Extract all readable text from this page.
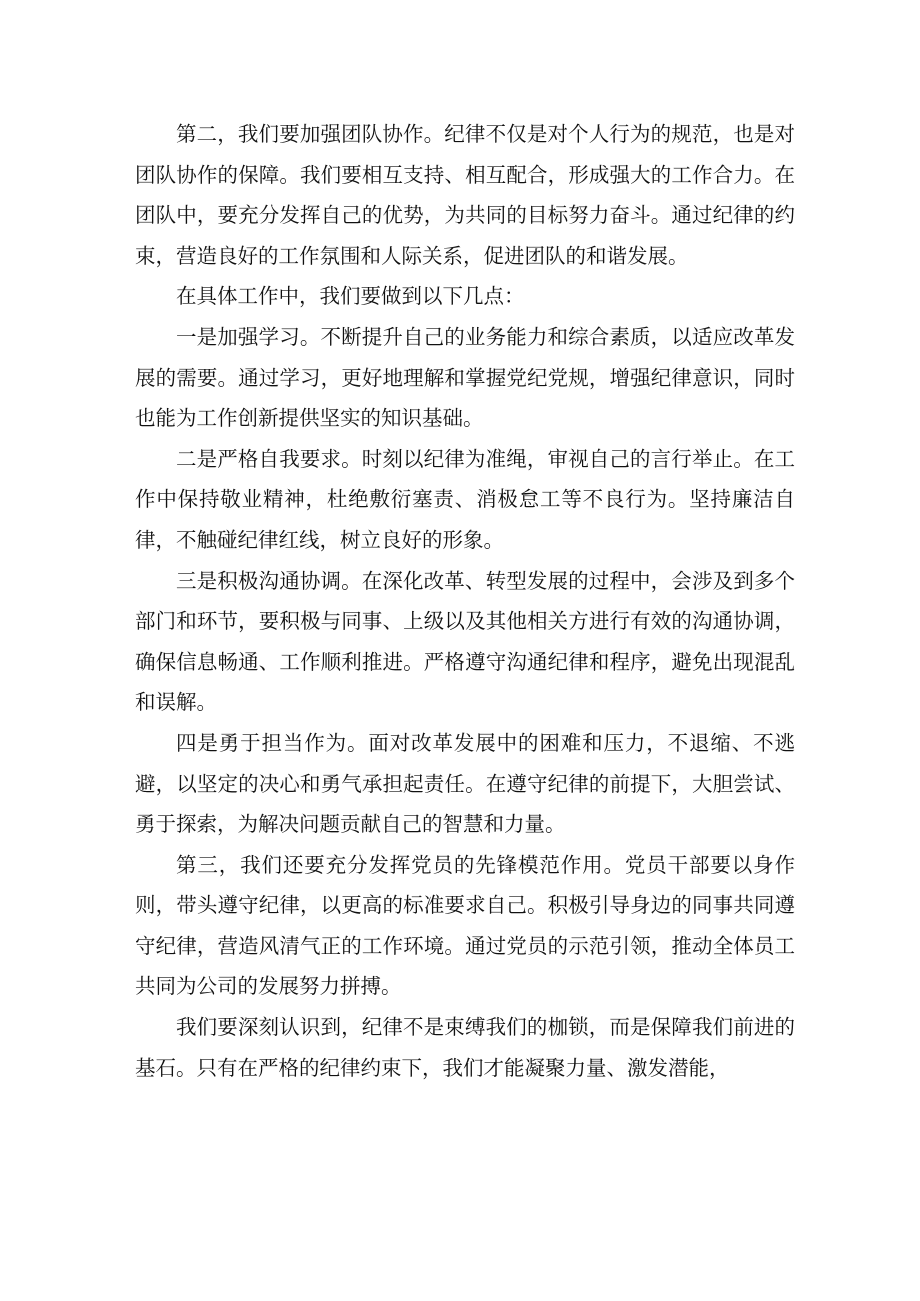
第二，我们要加强团队协作。纪律不仅是对个人行为的规范，也是对团队协作的保障。我们要相互支持、相互配合，形成强大的工作合力。在团队中，要充分发挥自己的优势，为共同的目标努力奋斗。通过纪律的约束，营造良好的工作氛围和人际关系，促进团队的和谐发展。

在具体工作中，我们要做到以下几点：

一是加强学习。不断提升自己的业务能力和综合素质，以适应改革发展的需要。通过学习，更好地理解和掌握党纪党规，增强纪律意识，同时也能为工作创新提供坚实的知识基础。

二是严格自我要求。时刻以纪律为准绳，审视自己的言行举止。在工作中保持敬业精神，杜绝敷衍塞责、消极怠工等不良行为。坚持廉洁自律，不触碰纪律红线，树立良好的形象。

三是积极沟通协调。在深化改革、转型发展的过程中，会涉及到多个部门和环节，要积极与同事、上级以及其他相关方进行有效的沟通协调，确保信息畅通、工作顺利推进。严格遵守沟通纪律和程序，避免出现混乱和误解。

四是勇于担当作为。面对改革发展中的困难和压力，不退缩、不逃避，以坚定的决心和勇气承担起责任。在遵守纪律的前提下，大胆尝试、勇于探索，为解决问题贡献自己的智慧和力量。

第三，我们还要充分发挥党员的先锋模范作用。党员干部要以身作则，带头遵守纪律，以更高的标准要求自己。积极引导身边的同事共同遵守纪律，营造风清气正的工作环境。通过党员的示范引领，推动全体员工共同为公司的发展努力拼搏。

我们要深刻认识到，纪律不是束缚我们的枷锁，而是保障我们前进的基石。只有在严格的纪律约束下，我们才能凝聚力量、激发潜能，
